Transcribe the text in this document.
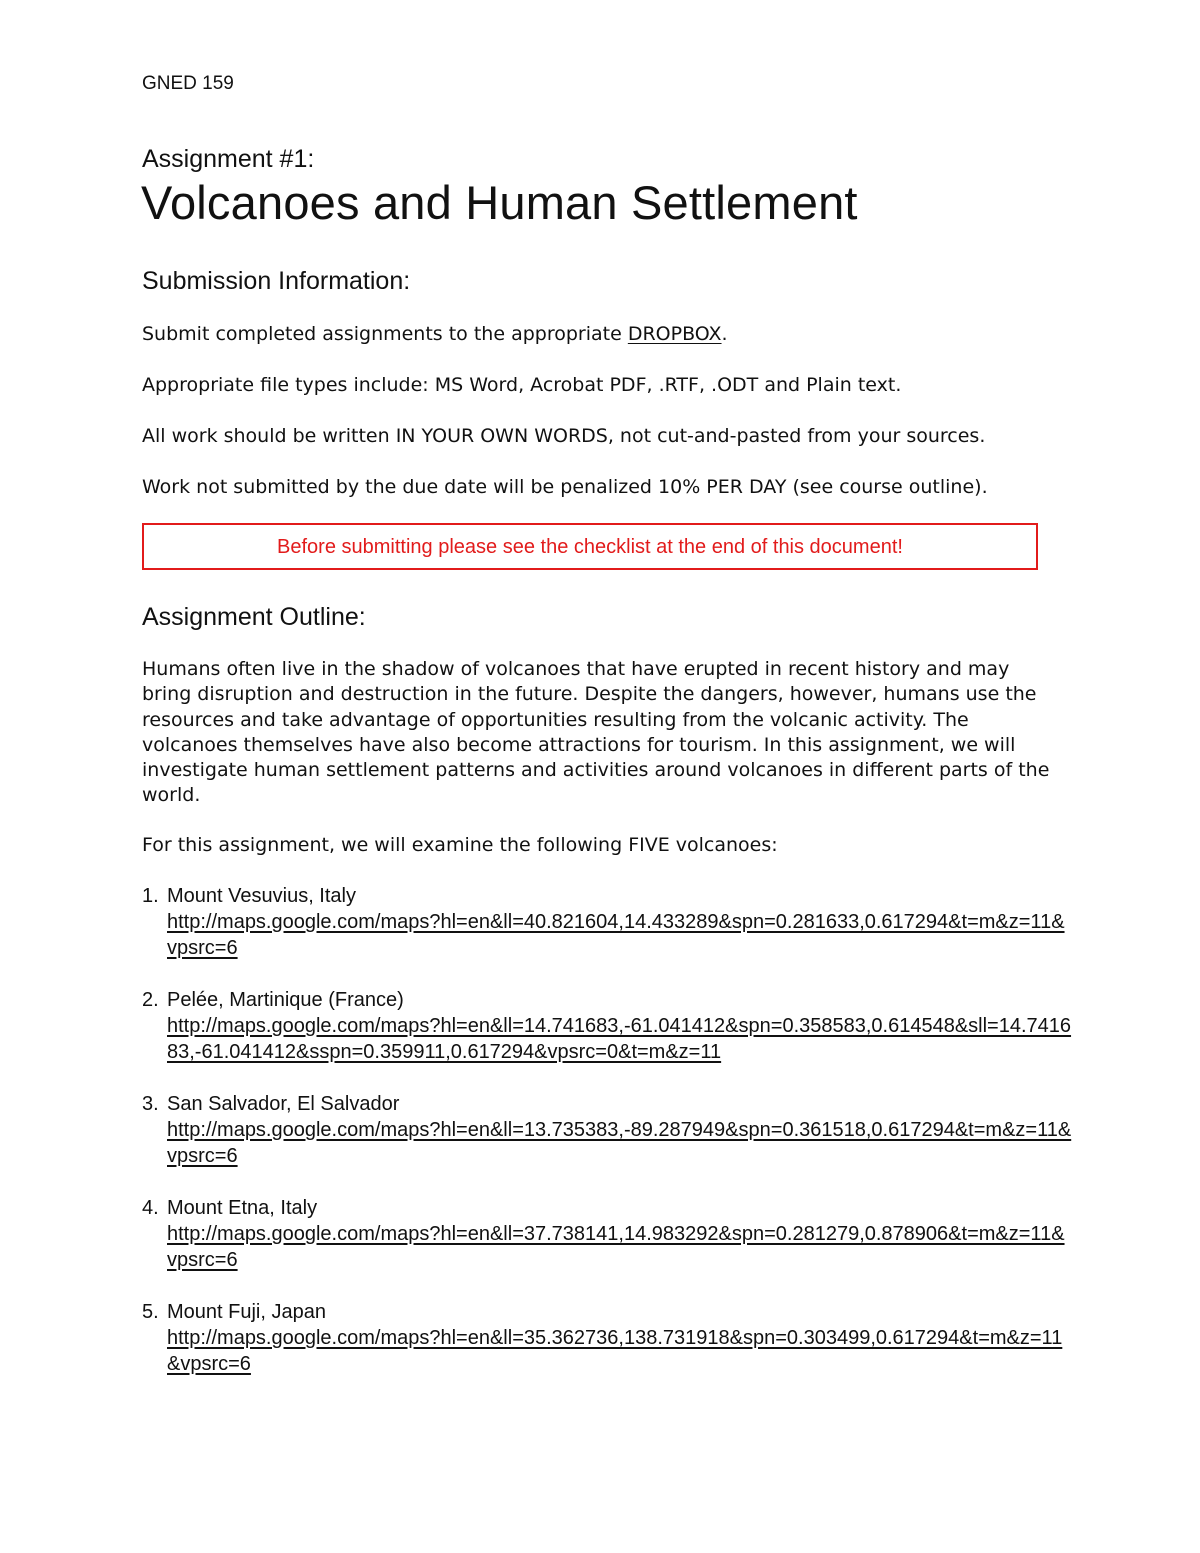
GNED 159
Assignment #1:
Volcanoes and Human Settlement
Submission Information:

Submit completed assignments to the appropriate DROPBOX.

Appropriate file types include: MS Word, Acrobat PDF, .RTF, .ODT and Plain text.

All work should be written IN YOUR OWN WORDS, not cut-and-pasted from your sources.

Work not submitted by the due date will be penalized 10% PER DAY (see course outline).

Before submitting please see the checklist at the end of this document!
Assignment Outline:

Humans often live in the shadow of volcanoes that have erupted in recent history and may bring disruption and destruction in the future. Despite the dangers, however, humans use the resources and take advantage of opportunities resulting from the volcanic activity. The volcanoes themselves have also become attractions for tourism. In this assignment, we will investigate human settlement patterns and activities around volcanoes in different parts of the world.

For this assignment, we will examine the following FIVE volcanoes:

1. Mount Vesuvius, Italy
http://maps.google.com/maps?hl=en&ll=40.821604,14.433289&spn=0.281633,0.617294&t=m&z=11&vpsrc=6
2. Pelée, Martinique (France)
http://maps.google.com/maps?hl=en&ll=14.741683,-61.041412&spn=0.358583,0.614548&sll=14.741683,-61.041412&sspn=0.359911,0.617294&vpsrc=0&t=m&z=11
3. San Salvador, El Salvador
http://maps.google.com/maps?hl=en&ll=13.735383,-89.287949&spn=0.361518,0.617294&t=m&z=11&vpsrc=6
4. Mount Etna, Italy
http://maps.google.com/maps?hl=en&ll=37.738141,14.983292&spn=0.281279,0.878906&t=m&z=11&vpsrc=6
5. Mount Fuji, Japan
http://maps.google.com/maps?hl=en&ll=35.362736,138.731918&spn=0.303499,0.617294&t=m&z=11&vpsrc=6
